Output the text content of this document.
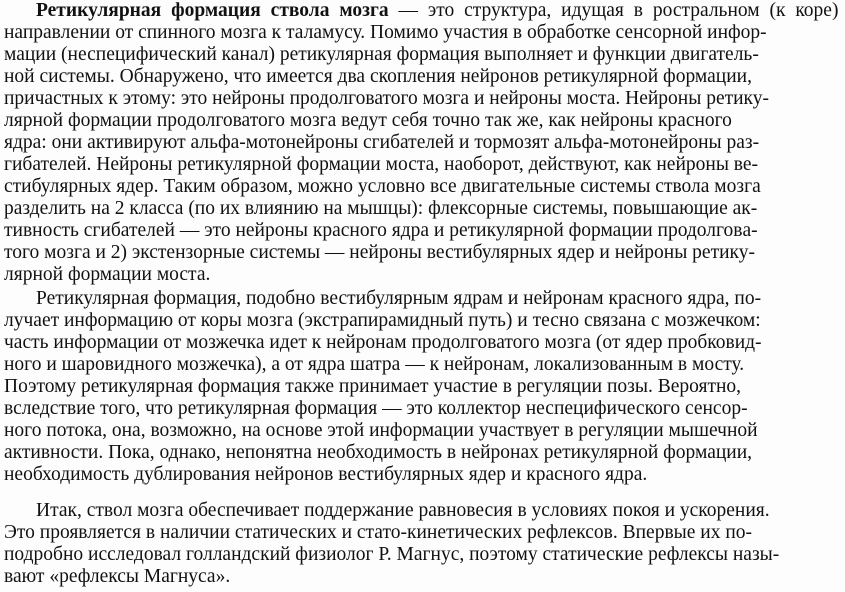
Ретикулярная формация ствола мозга — это структура, идущая в ростральном (к коре)
направлении от спинного мозга к таламусу. Помимо участия в обработке сенсорной инфор-
мации (неспецифический канал) ретикулярная формация выполняет и функции двигатель-
ной системы. Обнаружено, что имеется два скопления нейронов ретикулярной формации,
причастных к этому: это нейроны продолговатого мозга и нейроны моста. Нейроны ретику-
лярной формации продолговатого мозга ведут себя точно так же, как нейроны красного
ядра: они активируют альфа-мотонейроны сгибателей и тормозят альфа-мотонейроны раз-
гибателей. Нейроны ретикулярной формации моста, наоборот, действуют, как нейроны ве-
стибулярных ядер. Таким образом, можно условно все двигательные системы ствола мозга
разделить на 2 класса (по их влиянию на мышцы): флексорные системы, повышающие ак-
тивность сгибателей — это нейроны красного ядра и ретикулярной формации продолговa-
того мозга и 2) экстензорные системы — нейроны вестибулярных ядер и нейроны ретику-
лярной формации моста.
Ретикулярная формация, подобно вестибулярным ядрам и нейронам красного ядра, по-
лучает информацию от коры мозга (экстрапирамидный путь) и тесно связана с мозжечком:
часть информации от мозжечка идет к нейронам продолговатого мозга (от ядер пробковид-
ного и шаровидного мозжечка), а от ядра шатра — к нейронам, локализованным в мосту.
Поэтому ретикулярная формация также принимает участие в регуляции позы. Вероятно,
вследствие того, что ретикулярная формация — это коллектор неспецифического сенсор-
ного потока, она, возможно, на основе этой информации участвует в регуляции мышечной
активности. Пока, однако, непонятна необходимость в нейронах ретикулярной формации,
необходимость дублирования нейронов вестибулярных ядер и красного ядра.
Итак, ствол мозга обеспечивает поддержание равновесия в условиях покоя и ускорения.
Это проявляется в наличии статических и стато-кинетических рефлексов. Впервые их по-
подробно исследовал голландский физиолог Р. Магнус, поэтому статические рефлексы назы-
вают «рефлексы Магнуса».
